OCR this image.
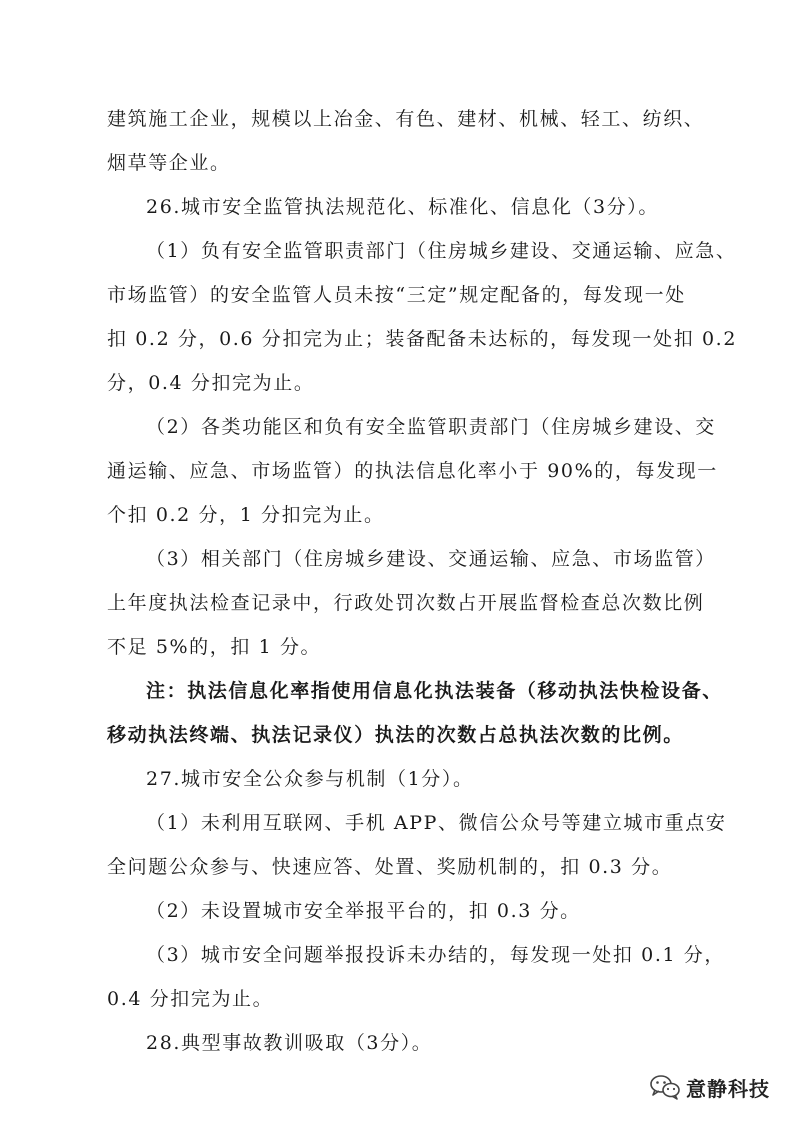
建筑施工企业，规模以上冶金、有色、建材、机械、轻工、纺织、
烟草等企业。
26.城市安全监管执法规范化、标准化、信息化（3分）。
（1）负有安全监管职责部门（住房城乡建设、交通运输、应急、
市场监管）的安全监管人员未按“三定”规定配备的，每发现一处
扣 0.2 分，0.6 分扣完为止；装备配备未达标的，每发现一处扣 0.2
分，0.4 分扣完为止。
（2）各类功能区和负有安全监管职责部门（住房城乡建设、交
通运输、应急、市场监管）的执法信息化率小于 90%的，每发现一
个扣 0.2 分，1 分扣完为止。
（3）相关部门（住房城乡建设、交通运输、应急、市场监管）
上年度执法检查记录中，行政处罚次数占开展监督检查总次数比例
不足 5%的，扣 1 分。
注：执法信息化率指使用信息化执法装备（移动执法快检设备、
移动执法终端、执法记录仪）执法的次数占总执法次数的比例。
27.城市安全公众参与机制（1分）。
（1）未利用互联网、手机 APP、微信公众号等建立城市重点安
全问题公众参与、快速应答、处置、奖励机制的，扣 0.3 分。
（2）未设置城市安全举报平台的，扣 0.3 分。
（3）城市安全问题举报投诉未办结的，每发现一处扣 0.1 分，
0.4 分扣完为止。
28.典型事故教训吸取（3分）。
意静科技
